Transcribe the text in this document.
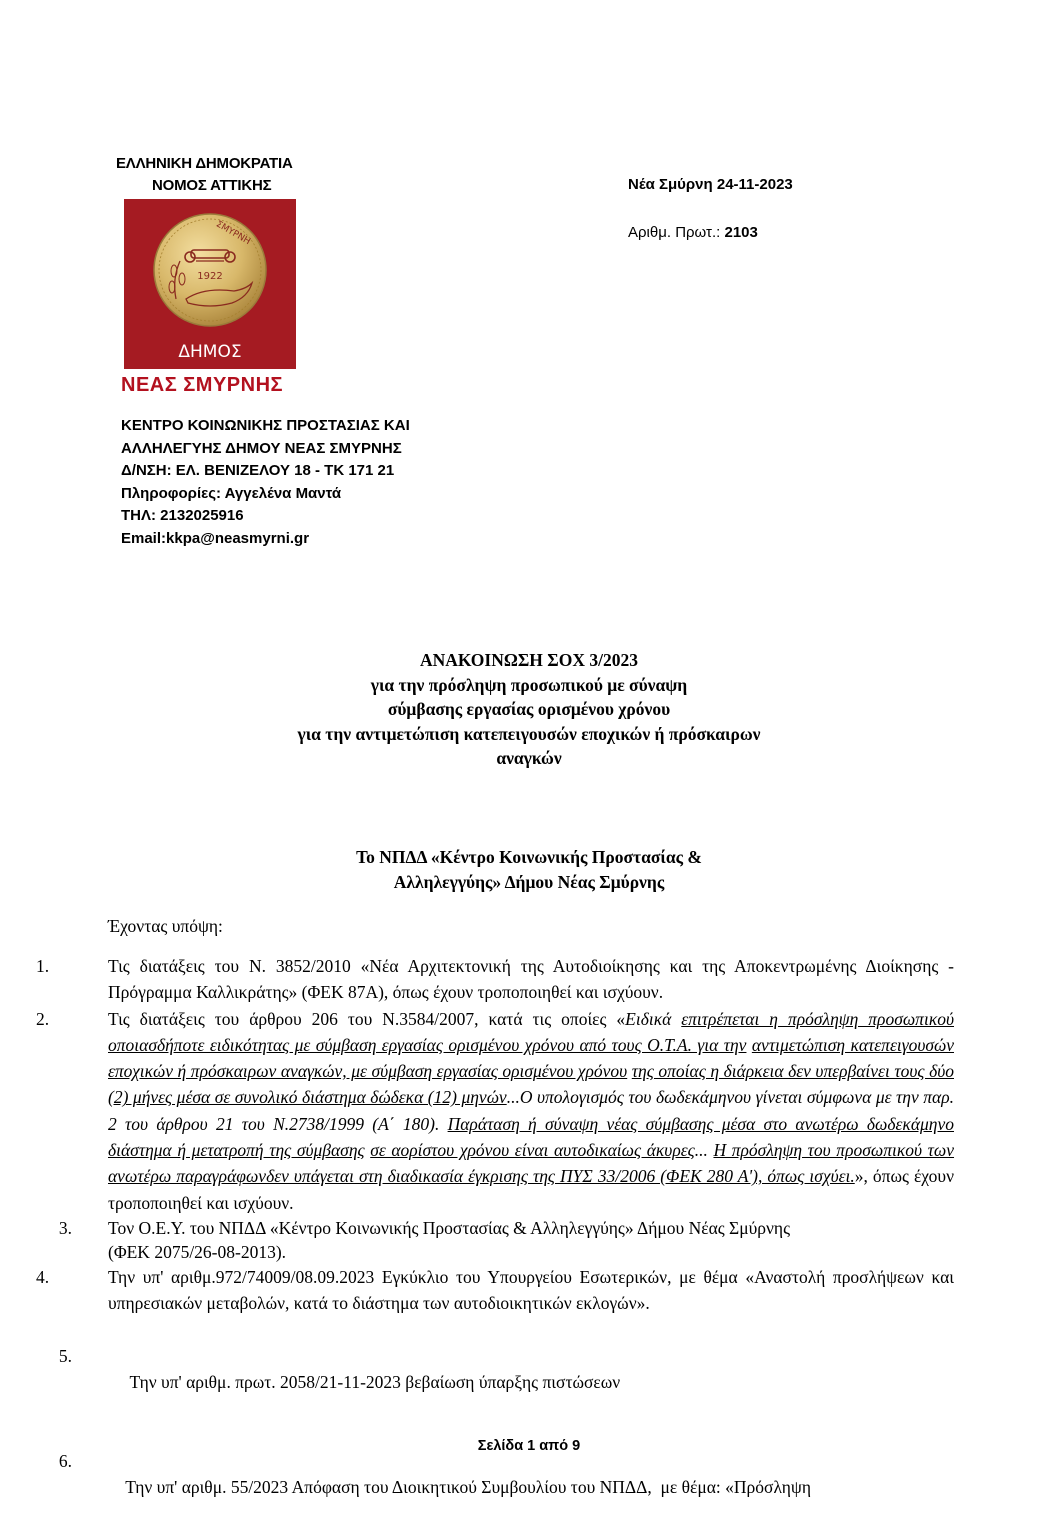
ΕΛΛΗΝΙΚΗ ΔΗΜΟΚΡΑΤΙΑ
ΝΟΜΟΣ ΑΤΤΙΚΗΣ
1922
ΣΜΥΡΝΗ
ΔΗΜΟΣ
ΝΕΑΣ ΣΜΥΡΝΗΣ
Νέα Σμύρνη 24-11-2023
Αριθμ. Πρωτ.: 2103
ΚΕΝΤΡΟ ΚΟΙΝΩΝΙΚΗΣ ΠΡΟΣΤΑΣΙΑΣ ΚΑΙ
ΑΛΛΗΛΕΓΥΗΣ ΔΗΜΟΥ ΝΕΑΣ ΣΜΥΡΝΗΣ
Δ/ΝΣΗ: ΕΛ. ΒΕΝΙΖΕΛΟΥ 18 - ΤΚ 171 21
Πληροφορίες: Αγγελένα Μαντά
ΤΗΛ: 2132025916
Email:kkpa@neasmyrni.gr
ΑΝΑΚΟΙΝΩΣΗ ΣΟΧ 3/2023
για την πρόσληψη προσωπικού με σύναψη
σύμβασης εργασίας ορισμένου χρόνου
για την αντιμετώπιση κατεπειγουσών εποχικών ή πρόσκαιρων
αναγκών
Το ΝΠΔΔ «Κέντρο Κοινωνικής Προστασίας &
Αλληλεγγύης» Δήμου Νέας Σμύρνης
Έχοντας υπόψη:
1.	Τις διατάξεις του Ν. 3852/2010 «Νέα Αρχιτεκτονική της Αυτοδιοίκησης και της Αποκεντρωμένης Διοίκησης - Πρόγραμμα Καλλικράτης» (ΦΕΚ 87Α), όπως έχουν τροποποιηθεί και ισχύουν.
2.	Τις διατάξεις του άρθρου 206 του Ν.3584/2007, κατά τις οποίες «Ειδικά επιτρέπεται η πρόσληψη προσωπικού οποιασδήποτε ειδικότητας με σύμβαση εργασίας ορισμένου χρόνου από τους Ο.Τ.Α. για την αντιμετώπιση κατεπειγουσών εποχικών ή πρόσκαιρων αναγκών, με σύμβαση εργασίας ορισμένου χρόνου της οποίας η διάρκεια δεν υπερβαίνει τους δύο (2) μήνες μέσα σε συνολικό διάστημα δώδεκα (12) μηνών...Ο υπολογισμός του δωδεκάμηνου γίνεται σύμφωνα με την παρ. 2 του άρθρου 21 του Ν.2738/1999 (Α΄ 180). Παράταση ή σύναψη νέας σύμβασης μέσα στο ανωτέρω δωδεκάμηνο διάστημα ή μετατροπή της σύμβασης σε αορίστου χρόνου είναι αυτοδικαίως άκυρες... Η πρόσληψη του προσωπικού των ανωτέρω παραγράφωνδεν υπάγεται στη διαδικασία έγκρισης της ΠΥΣ 33/2006 (ΦΕΚ 280 Α'), όπως ισχύει.», όπως έχουν τροποποιηθεί και ισχύουν.
3. Τον Ο.Ε.Υ. του ΝΠΔΔ «Κέντρο Κοινωνικής Προστασίας & Αλληλεγγύης» Δήμου Νέας Σμύρνης
(ΦΕΚ 2075/26-08-2013).
4.	Την υπ' αριθμ.972/74009/08.09.2023 Εγκύκλιο του Υπουργείου Εσωτερικών, με θέμα «Αναστολή προσλήψεων και υπηρεσιακών μεταβολών, κατά το διάστημα των αυτοδιοικητικών εκλογών».

5.

Την υπ' αριθμ. πρωτ. 2058/21-11-2023 βεβαίωση ύπαρξης πιστώσεων

6.

Την υπ' αριθμ. 55/2023 Απόφαση του Διοικητικού Συμβουλίου του ΝΠΔΔ,  με θέμα: «Πρόσληψη

Σελίδα 1 από 9
